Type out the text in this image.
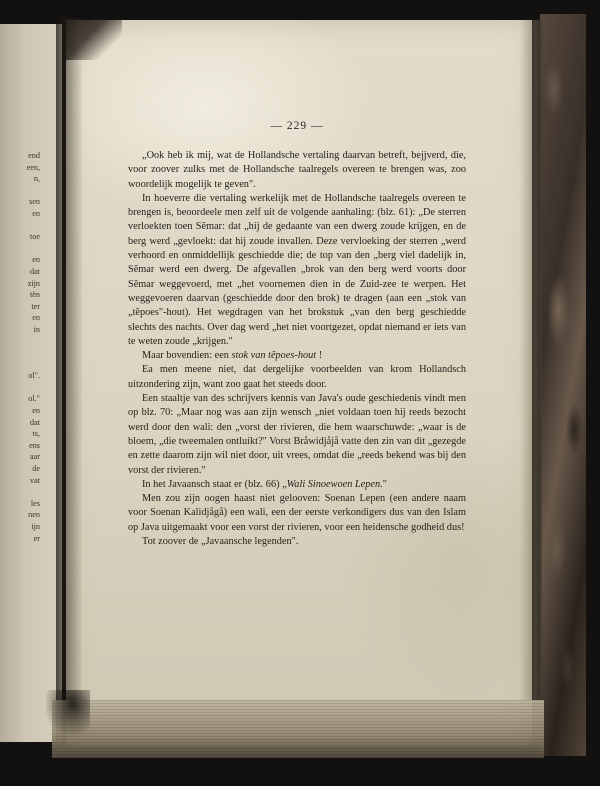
end
een,
n,

sen
en

toe

en
dat
zijn
tën
ter
en
in

ol".

ol."
en
dat
ts,
ens
aar
de
vat

les
nen
ijn
er
— 229 —

„Ook heb ik mij, wat de Hollandsche vertaling daarvan betreft, bejjverd, die, voor zoover zulks met de Hollandsche taalregels overeen te brengen was, zoo woordelijk mogelijk te geven".

In hoeverre die vertaling werkelijk met de Hollandsche taalregels overeen te brengen is, beoordeele men zelf uit de volgende aanhaling: (blz. 61): „De sterren verloekten toen Sĕmar: dat „hij de gedaante van een dwerg zoude krijgen, en de berg werd „gevloekt: dat hij zoude invallen. Deze vervloeking der sterren „werd verhoord en onmiddellijk geschiedde die; de top van den „berg viel dadelijk in, Sĕmar werd een dwerg. De afgevallen „brok van den berg werd voorts door Sĕmar weggevoerd, met „het voornemen dien in de Zuid-zee te werpen. Het weggevoeren daarvan (geschiedde door den brok) te dragen (aan een „stok van „tĕpoes"-hout). Het wegdragen van het brokstuk „van den berg geschiedde slechts des nachts. Over dag werd „het niet voortgezet, opdat niemand er iets van te weten zoude „krijgen."

Maar bovendien: een stok van tĕpoes-hout !

Ea men meene niet, dat dergelijke voorbeelden van krom Hollandsch uitzondering zijn, want zoo gaat het steeds door.

Een staaltje van des schrijvers kennis van Java's oude geschiedenis vindt men op blz. 70: „Maar nog was aan zijn wensch „niet voldaan toen hij reeds bezocht werd door den wali: den „vorst der rivieren, die hem waarschuwde: „waar is de bloem, „die tweemalen ontluikt?" Vorst Bråwidjåjå vatte den zin van dit „gezegde en zette daarom zijn wil niet door, uit vrees, omdat die „reeds bekend was bij den vorst der rivieren."

In het Javaansch staat er (blz. 66) „Wali Sinoewoen Lepen."

Men zou zijn oogen haast niet gelooven: Soenan Lepen (een andere naam voor Soenan Kalidjågå) een wali, een der eerste verkondigers dus van den Islam op Java uitgemaakt voor een vorst der rivieren, voor een heidensche godheid dus!

Tot zoover de „Javaansche legenden".
